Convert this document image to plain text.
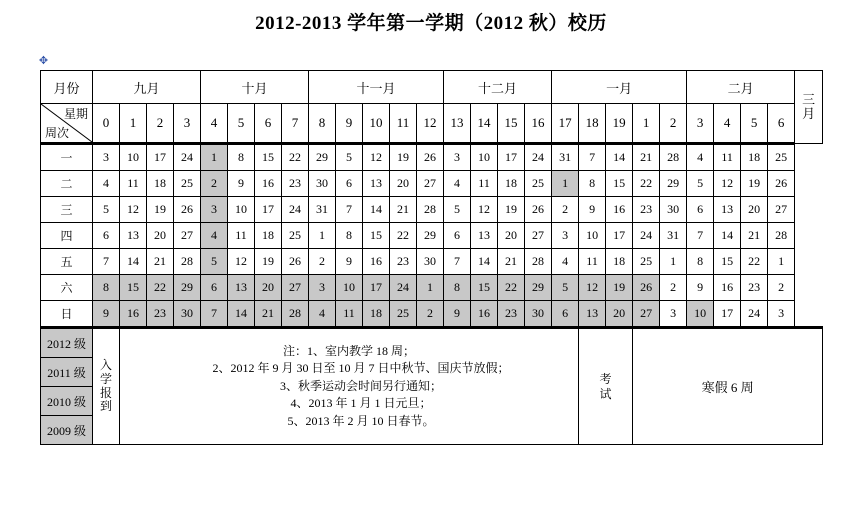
2012-2013 学年第一学期（2012 秋）校历
✥
月份	九月				十月				十一月					十二月				一月					二月				三
月

周次
星期	0	1	2	3	4	5	6	7	8	9	10	11	12	13	14	15	16	17	18	19	1	2	3	4	5	6	
一	3	10	17	24	1	8	15	22	29	5	12	19	26	3	10	17	24	31	7	14	21	28	4	11	18	25	
二	4	11	18	25	2	9	16	23	30	6	13	20	27	4	11	18	25	1	8	15	22	29	5	12	19	26	
三	5	12	19	26	3	10	17	24	31	7	14	21	28	5	12	19	26	2	9	16	23	30	6	13	20	27	
四	6	13	20	27	4	11	18	25	1	8	15	22	29	6	13	20	27	3	10	17	24	31	7	14	21	28	
五	7	14	21	28	5	12	19	26	2	9	16	23	30	7	14	21	28	4	11	18	25	1	8	15	22	1	
六	8	15	22	29	6	13	20	27	3	10	17	24	1	8	15	22	29	5	12	19	26	2	9	16	23	2	
日	9	16	23	30	7	14	21	28	4	11	18	25	2	9	16	23	30	6	13	20	27	3	10	17	24	3	
2012 级	
入
学
报
到

注：1、室内教学 18 周；
2、2012 年 9 月 30 日至 10 月 7 日中秋节、国庆节放假；
3、秋季运动会时间另行通知；
4、2013 年 1 月 1 日元旦；
5、2013 年 2 月 10 日春节。

考
试	寒假 6 周
2011 级																											
2010 级																											
2009 级																											
